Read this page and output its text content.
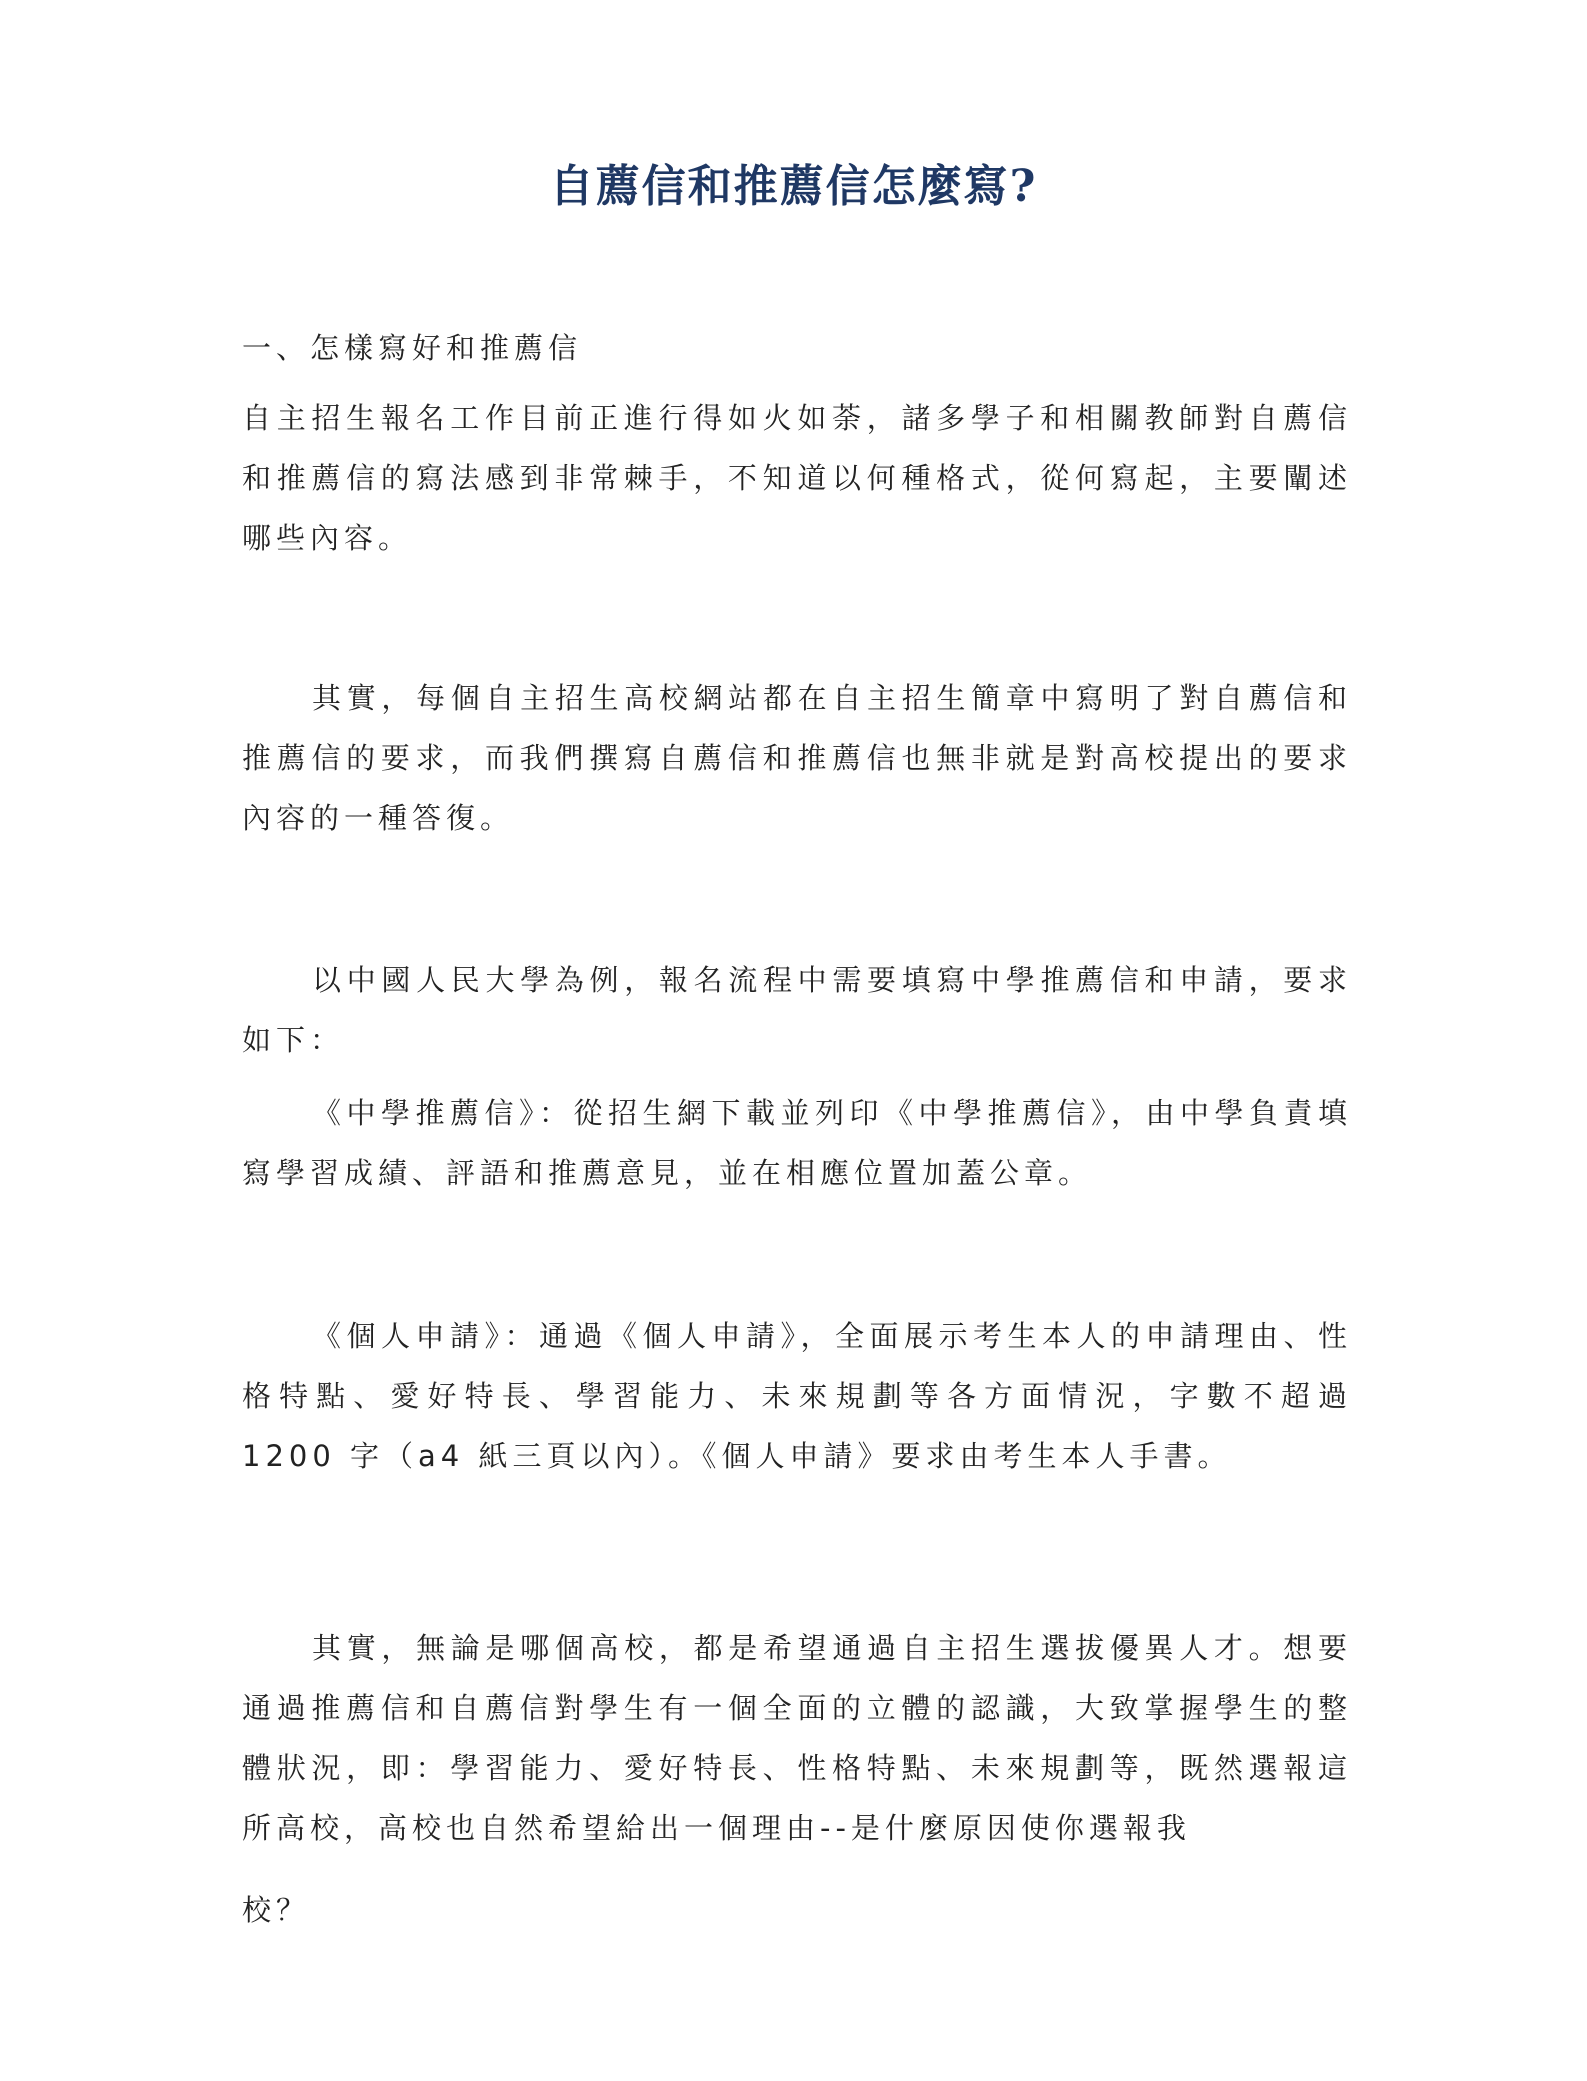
自薦信和推薦信怎麼寫?
一、怎樣寫好和推薦信
自主招生報名工作目前正進行得如火如荼，諸多學子和相關教師對自薦信和推薦信的寫法感到非常棘手，不知道以何種格式，從何寫起，主要闡述哪些內容。
其實，每個自主招生高校網站都在自主招生簡章中寫明了對自薦信和推薦信的要求，而我們撰寫自薦信和推薦信也無非就是對高校提出的要求內容的一種答復。
以中國人民大學為例，報名流程中需要填寫中學推薦信和申請，要求如下：
《中學推薦信》：從招生網下載並列印《中學推薦信》，由中學負責填寫學習成績、評語和推薦意見，並在相應位置加蓋公章。
《個人申請》：通過《個人申請》，全面展示考生本人的申請理由、性格特點、愛好特長、學習能力、未來規劃等各方面情況，字數不超過 1200 字（a4 紙三頁以內）。《個人申請》要求由考生本人手書。
其實，無論是哪個高校，都是希望通過自主招生選拔優異人才。想要通過推薦信和自薦信對學生有一個全面的立體的認識，大致掌握學生的整體狀況，即：學習能力、愛好特長、性格特點、未來規劃等，既然選報這所高校，高校也自然希望給出一個理由--是什麼原因使你選報我
校？
